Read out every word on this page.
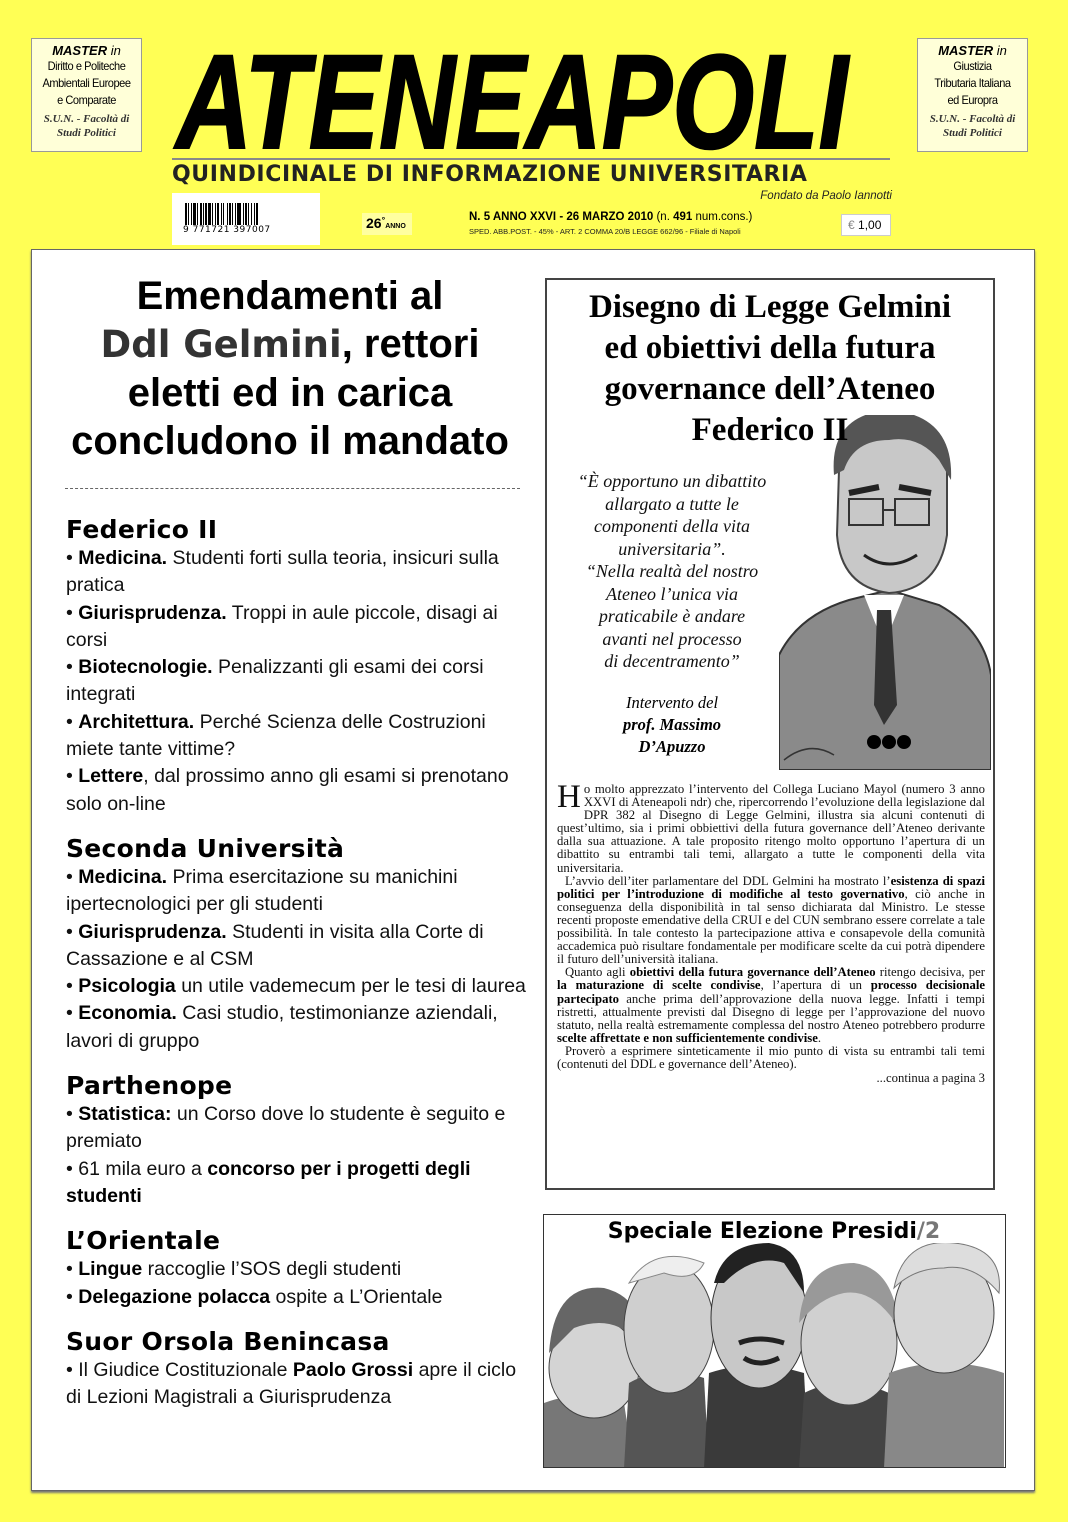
MASTER in
Diritto e Politeche
Ambientali Europee
e Comparate
S.U.N. - Facoltà di
Studi Politici
MASTER in
Giustizia
Tributaria Italiana
ed Europra
S.U.N. - Facoltà di
Studi Politici
ATENEAPOLI
QUINDICINALE DI INFORMAZIONE UNIVERSITARIA
Fondato da Paolo Iannotti
9 771721 397007	26°ANNO
N. 5 ANNO XXVI - 26 MARZO 2010 (n. 491 num.cons.)
SPED. ABB.POST. - 45% - ART. 2 COMMA 20/B LEGGE 662/96 - Filiale di Napoli	€ 1,00
Emendamenti al
Ddl Gelmini, rettori
eletti ed in carica
concludono il mandato
Federico II
• Medicina. Studenti forti sulla teoria, insicuri sulla pratica
• Giurisprudenza. Troppi in aule piccole, disagi ai corsi
• Biotecnologie. Penalizzanti gli esami dei corsi integrati
• Architettura. Perché Scienza delle Costruzioni miete tante vittime?
• Lettere, dal prossimo anno gli esami si prenotano solo on-line
Seconda Università
• Medicina. Prima esercitazione su manichini ipertecnologici per gli studenti
• Giurisprudenza. Studenti in visita alla Corte di Cassazione e al CSM
• Psicologia un utile vademecum per le tesi di laurea
• Economia. Casi studio, testimonianze aziendali, lavori di gruppo
Parthenope
• Statistica: un Corso dove lo studente è seguito e premiato
• 61 mila euro a concorso per i progetti degli studenti
L’Orientale
• Lingue raccoglie l’SOS degli studenti
• Delegazione polacca ospite a L’Orientale
Suor Orsola Benincasa
• Il Giudice Costituzionale Paolo Grossi apre il ciclo di Lezioni Magistrali a Giurisprudenza
Disegno di Legge Gelmini
ed obiettivi della futura
governance dell’Ateneo
Federico II
“È opportuno un dibattito
allargato a tutte le
componenti della vita
universitaria”.
“Nella realtà del nostro
Ateneo l’unica via
praticabile è andare
avanti nel processo
di decentramento”
Intervento del
prof. Massimo
D’Apuzzo

Ho molto apprezzato l’intervento del Collega Luciano Mayol (numero 3 anno XXVI di Ateneapoli ndr) che, ripercorrendo l’evoluzione della legislazione dal DPR 382 al Disegno di Legge Gelmini, illustra sia alcuni contenuti di quest’ultimo, sia i primi obbiettivi della futura governance dell’Ateneo derivante dalla sua attuazione. A tale proposito ritengo molto opportuno l’apertura di un dibattito su entrambi tali temi, allargato a tutte le componenti della vita universitaria.

L’avvio dell’iter parlamentare del DDL Gelmini ha mostrato l’esistenza di spazi politici per l’introduzione di modifiche al testo governativo, ciò anche in conseguenza della disponibilità in tal senso dichiarata dal Ministro. Le stesse recenti proposte emendative della CRUI e del CUN sembrano essere correlate a tale possibilità. In tale contesto la partecipazione attiva e consapevole della comunità accademica può risultare fondamentale per modificare scelte da cui potrà dipendere il futuro dell’università italiana.

Quanto agli obiettivi della futura governance dell’Ateneo ritengo decisiva, per la maturazione di scelte condivise, l’apertura di un processo decisionale partecipato anche prima dell’approvazione della nuova legge. Infatti i tempi ristretti, attualmente previsti dal Disegno di legge per l’approvazione del nuovo statuto, nella realtà estremamente complessa del nostro Ateneo potrebbero produrre scelte affrettate e non sufficientemente condivise.

Proverò a esprimere sinteticamente il mio punto di vista su entrambi tali temi (contenuti del DDL e governance dell’Ateneo).

...continua a pagina 3
Speciale Elezione Presidi/2
